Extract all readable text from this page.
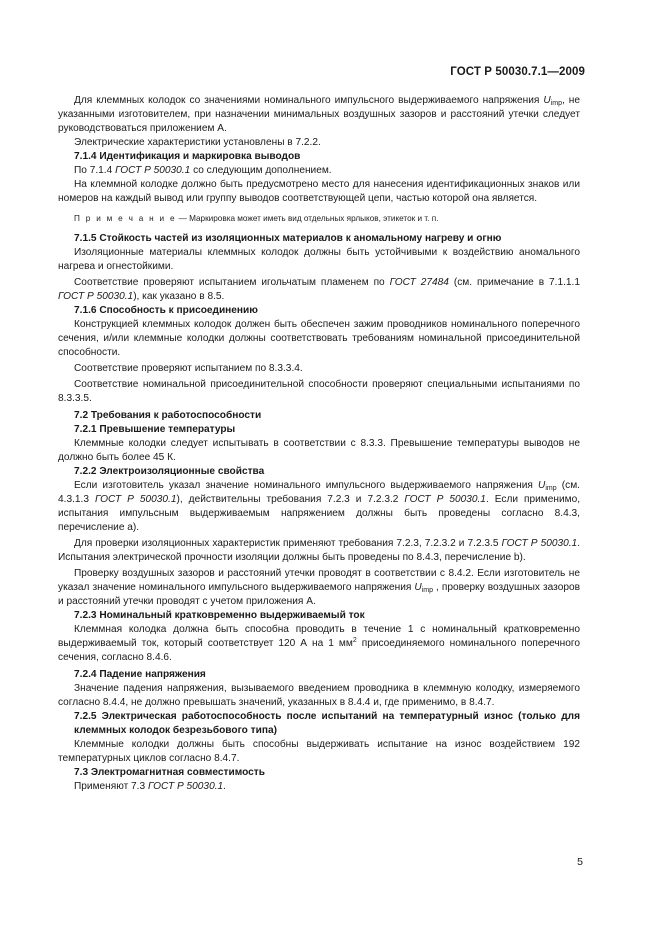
ГОСТ Р 50030.7.1—2009

Для клеммных колодок со значениями номинального импульсного выдерживаемого напряжения $U_{imp}$, не указанными изготовителем, при назначении минимальных воздушных зазоров и расстояний утечки следует руководствоваться приложением А.

Электрические характеристики установлены в 7.2.2.

7.1.4 Идентификация и маркировка выводов

По 7.1.4 ГОСТ Р 50030.1 со следующим дополнением.

На клеммной колодке должно быть предусмотрено место для нанесения идентификационных знаков или номеров на каждый вывод или группу выводов соответствующей цепи, частью которой она является.

П р и м е ч а н и е — Маркировка может иметь вид отдельных ярлыков, этикеток и т. п.

7.1.5 Стойкость частей из изоляционных материалов к аномальному нагреву и огню

Изоляционные материалы клеммных колодок должны быть устойчивыми к воздействию аномального нагрева и огнестойкими.

Соответствие проверяют испытанием игольчатым пламенем по ГОСТ 27484 (см. примечание в 7.1.1.1 ГОСТ Р 50030.1), как указано в 8.5.

7.1.6 Способность к присоединению

Конструкцией клеммных колодок должен быть обеспечен зажим проводников номинального поперечного сечения, и/или клеммные колодки должны соответствовать требованиям номинальной присоединительной способности.

Соответствие проверяют испытанием по 8.3.3.4.

Соответствие номинальной присоединительной способности проверяют специальными испытаниями по 8.3.3.5.

7.2 Требования к работоспособности

7.2.1 Превышение температуры

Клеммные колодки следует испытывать в соответствии с 8.3.3. Превышение температуры выводов не должно быть более 45 К.

7.2.2 Электроизоляционные свойства

Если изготовитель указал значение номинального импульсного выдерживаемого напряжения $U_{imp}$ (см. 4.3.1.3 ГОСТ Р 50030.1), действительны требования 7.2.3 и 7.2.3.2 ГОСТ Р 50030.1. Если применимо, испытания импульсным выдерживаемым напряжением должны быть проведены согласно 8.4.3, перечисление а).

Для проверки изоляционных характеристик применяют требования 7.2.3, 7.2.3.2 и 7.2.3.5 ГОСТ Р 50030.1. Испытания электрической прочности изоляции должны быть проведены по 8.4.3, перечисление b).

Проверку воздушных зазоров и расстояний утечки проводят в соответствии с 8.4.2. Если изготовитель не указал значение номинального импульсного выдерживаемого напряжения $U_{imp}$ , проверку воздушных зазоров и расстояний утечки проводят с учетом приложения А.

7.2.3 Номинальный кратковременно выдерживаемый ток

Клеммная колодка должна быть способна проводить в течение 1 с номинальный кратковременно выдерживаемый ток, который соответствует 120 А на 1 $мм^2$ присоединяемого номинального поперечного сечения, согласно 8.4.6.

7.2.4 Падение напряжения

Значение падения напряжения, вызываемого введением проводника в клеммную колодку, измеряемого согласно 8.4.4, не должно превышать значений, указанных в 8.4.4 и, где применимо, в 8.4.7.

7.2.5 Электрическая работоспособность после испытаний на температурный износ (только для клеммных колодок безрезьбового типа)

Клеммные колодки должны быть способны выдерживать испытание на износ воздействием 192 температурных циклов согласно 8.4.7.

7.3 Электромагнитная совместимость

Применяют 7.3 ГОСТ Р 50030.1.

5
